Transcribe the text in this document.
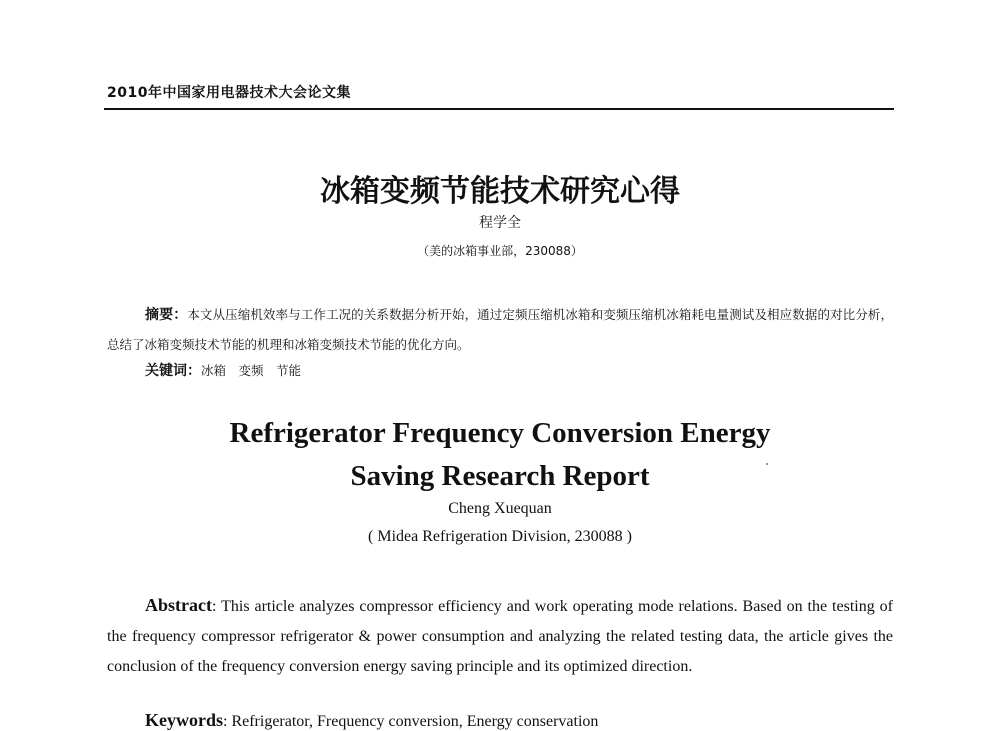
2010年中国家用电器技术大会论文集
冰箱变频节能技术研究心得
程学全
（美的冰箱事业部，230088）
摘要：本文从压缩机效率与工作工况的关系数据分析开始，通过定频压缩机冰箱和变频压缩机冰箱耗电量测试及相应数据的对比分析，总结了冰箱变频技术节能的机理和冰箱变频技术节能的优化方向。
关键词：冰箱　变频　节能
Refrigerator Frequency Conversion Energy
Saving Research Report
Cheng Xuequan
( Midea Refrigeration Division, 230088 )
Abstract: This article analyzes compressor efficiency and work operating mode relations. Based on the testing of the frequency compressor refrigerator & power consumption and analyzing the related testing data, the article gives the conclusion of the frequency conversion energy saving principle and its optimized direction.
Keywords: Refrigerator, Frequency conversion, Energy conservation
